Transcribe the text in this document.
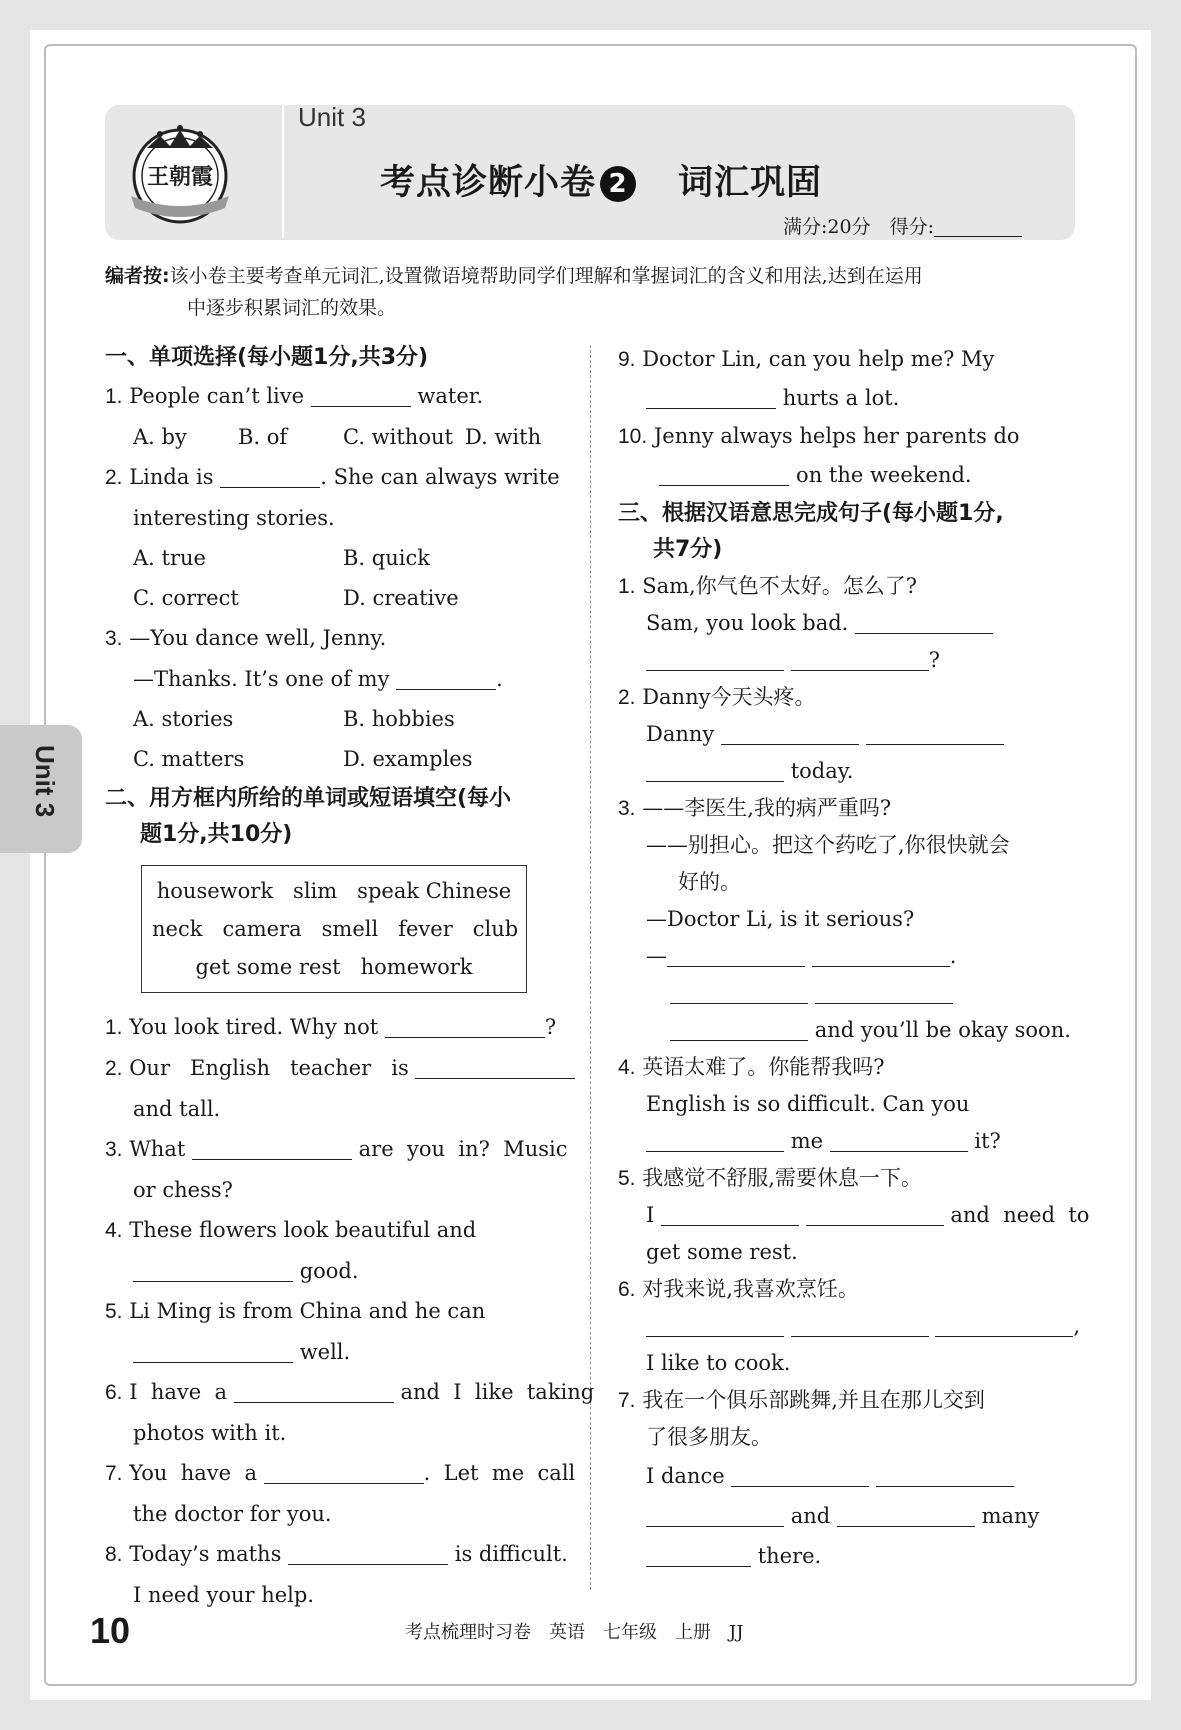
王朝霞
Unit 3
考点诊断小卷 2 词汇巩固
满分:20分　得分:
编者按:该小卷主要考查单元词汇,设置微语境帮助同学们理解和掌握词汇的含义和用法,达到在运用
中逐步积累词汇的效果。
一、单项选择(每小题1分,共3分)
1. People can’t live	water.
A. by B. of	C. without D. with
2. Linda is	. She can always write
interesting stories.
A. true	B. quick
C. correct	D. creative
3. —You dance well, Jenny.
—Thanks. It’s one of my	.
A. stories	B. hobbies
C. matters	D. examples
二、用方框内所给的单词或短语填空(每小
题1分,共10分)
housework slim speak Chinese
neck camera smell fever club
get some rest homework
1. You look tired. Why not	?
2. Our   English   teacher   is
and tall.
3. What	are  you  in?  Music
or chess?
4. These flowers look beautiful and
good.
5. Li Ming is from China and he can
well.
6. I  have  a	and  I  like  taking
photos with it.
7. You  have  a	.  Let  me  call
the doctor for you.
8. Today’s maths	is difficult.
I need your help.
9. Doctor Lin, can you help me? My
hurts a lot.
10. Jenny always helps her parents do
on the weekend.
三、根据汉语意思完成句子(每小题1分,
共7分)
1. Sam,你气色不太好。怎么了?
Sam, you look bad.
?
2. Danny今天头疼。
Danny
today.
3. ——李医生,我的病严重吗?
——别担心。把这个药吃了,你很快就会
好的。
—Doctor Li, is it serious?
—	.

and you’ll be okay soon.
4. 英语太难了。你能帮我吗?
English is so difficult. Can you
me	it?
5. 我感觉不舒服,需要休息一下。
I	and  need  to
get some rest.
6. 对我来说,我喜欢烹饪。
,
I like to cook.
7. 我在一个俱乐部跳舞,并且在那儿交到
了很多朋友。
I dance
and	many
there.
Unit 3
10	考点梳理时习卷　英语　七年级　上册　JJ
